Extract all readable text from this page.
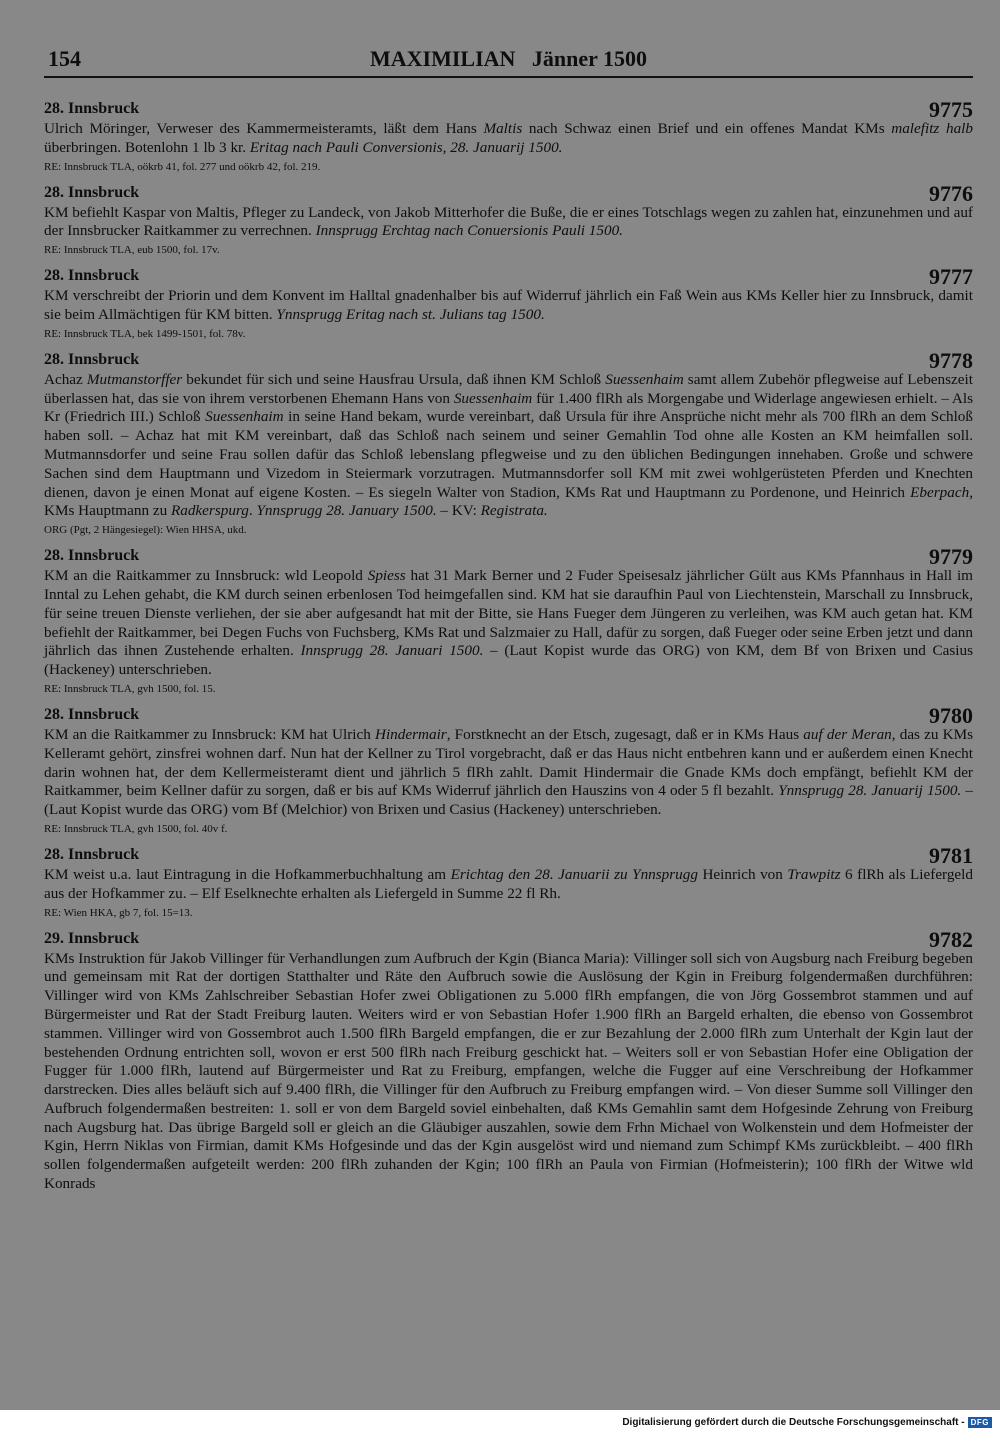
154	MAXIMILIAN   Jänner 1500
28. Innsbruck	9775

Ulrich Möringer, Verweser des Kammermeisteramts, läßt dem Hans Maltis nach Schwaz einen Brief und ein offenes Mandat KMs malefitz halb überbringen. Botenlohn 1 lb 3 kr. Eritag nach Pauli Conversionis, 28. Januarij 1500.

RE: Innsbruck TLA, oökrb 41, fol. 277 und oökrb 42, fol. 219.
28. Innsbruck	9776

KM befiehlt Kaspar von Maltis, Pfleger zu Landeck, von Jakob Mitterhofer die Buße, die er eines Totschlags wegen zu zahlen hat, einzunehmen und auf der Innsbrucker Raitkammer zu verrechnen. Innsprugg Erchtag nach Conuersionis Pauli 1500.

RE: Innsbruck TLA, eub 1500, fol. 17v.
28. Innsbruck	9777

KM verschreibt der Priorin und dem Konvent im Halltal gnadenhalber bis auf Widerruf jährlich ein Faß Wein aus KMs Keller hier zu Innsbruck, damit sie beim Allmächtigen für KM bitten. Ynnsprugg Eritag nach st. Julians tag 1500.

RE: Innsbruck TLA, bek 1499-1501, fol. 78v.
28. Innsbruck	9778

Achaz Mutmanstorffer bekundet für sich und seine Hausfrau Ursula, daß ihnen KM Schloß Suessenhaim samt allem Zubehör pflegweise auf Lebenszeit überlassen hat, das sie von ihrem verstorbenen Ehemann Hans von Suessenhaim für 1.400 flRh als Morgengabe und Widerlage angewiesen erhielt. – Als Kr (Friedrich III.) Schloß Suessenhaim in seine Hand bekam, wurde vereinbart, daß Ursula für ihre Ansprüche nicht mehr als 700 flRh an dem Schloß haben soll. – Achaz hat mit KM vereinbart, daß das Schloß nach seinem und seiner Gemahlin Tod ohne alle Kosten an KM heimfallen soll. Mutmannsdorfer und seine Frau sollen dafür das Schloß lebenslang pflegweise und zu den üblichen Bedingungen innehaben. Große und schwere Sachen sind dem Hauptmann und Vizedom in Steiermark vorzutragen. Mutmannsdorfer soll KM mit zwei wohlgerüsteten Pferden und Knechten dienen, davon je einen Monat auf eigene Kosten. – Es siegeln Walter von Stadion, KMs Rat und Hauptmann zu Pordenone, und Heinrich Eberpach, KMs Hauptmann zu Radkerspurg. Ynnsprugg 28. January 1500. – KV: Registrata.

ORG (Pgt, 2 Hängesiegel): Wien HHSA, ukd.
28. Innsbruck	9779

KM an die Raitkammer zu Innsbruck: wld Leopold Spiess hat 31 Mark Berner und 2 Fuder Speisesalz jährlicher Gült aus KMs Pfannhaus in Hall im Inntal zu Lehen gehabt, die KM durch seinen erbenlosen Tod heimgefallen sind. KM hat sie daraufhin Paul von Liechtenstein, Marschall zu Innsbruck, für seine treuen Dienste verliehen, der sie aber aufgesandt hat mit der Bitte, sie Hans Fueger dem Jüngeren zu verleihen, was KM auch getan hat. KM befiehlt der Raitkammer, bei Degen Fuchs von Fuchsberg, KMs Rat und Salzmaier zu Hall, dafür zu sorgen, daß Fueger oder seine Erben jetzt und dann jährlich das ihnen Zustehende erhalten. Innsprugg 28. Januari 1500. – (Laut Kopist wurde das ORG) von KM, dem Bf von Brixen und Casius (Hackeney) unterschrieben.

RE: Innsbruck TLA, gvh 1500, fol. 15.
28. Innsbruck	9780

KM an die Raitkammer zu Innsbruck: KM hat Ulrich Hindermair, Forstknecht an der Etsch, zugesagt, daß er in KMs Haus auf der Meran, das zu KMs Kelleramt gehört, zinsfrei wohnen darf. Nun hat der Kellner zu Tirol vorgebracht, daß er das Haus nicht entbehren kann und er außerdem einen Knecht darin wohnen hat, der dem Kellermeisteramt dient und jährlich 5 flRh zahlt. Damit Hindermair die Gnade KMs doch empfängt, befiehlt KM der Raitkammer, beim Kellner dafür zu sorgen, daß er bis auf KMs Widerruf jährlich den Hauszins von 4 oder 5 fl bezahlt. Ynnsprugg 28. Januarij 1500. – (Laut Kopist wurde das ORG) vom Bf (Melchior) von Brixen und Casius (Hackeney) unterschrieben.

RE: Innsbruck TLA, gvh 1500, fol. 40v f.
28. Innsbruck	9781

KM weist u.a. laut Eintragung in die Hofkammerbuchhaltung am Erichtag den 28. Januarii zu Ynnsprugg Heinrich von Trawpitz 6 flRh als Liefergeld aus der Hofkammer zu. – Elf Eselknechte erhalten als Liefergeld in Summe 22 fl Rh.

RE: Wien HKA, gb 7, fol. 15=13.
29. Innsbruck	9782

KMs Instruktion für Jakob Villinger für Verhandlungen zum Aufbruch der Kgin (Bianca Maria): Villinger soll sich von Augsburg nach Freiburg begeben und gemeinsam mit Rat der dortigen Statthalter und Räte den Aufbruch sowie die Auslösung der Kgin in Freiburg folgendermaßen durchführen: Villinger wird von KMs Zahlschreiber Sebastian Hofer zwei Obligationen zu 5.000 flRh empfangen, die von Jörg Gossembrot stammen und auf Bürgermeister und Rat der Stadt Freiburg lauten. Weiters wird er von Sebastian Hofer 1.900 flRh an Bargeld erhalten, die ebenso von Gossembrot stammen. Villinger wird von Gossembrot auch 1.500 flRh Bargeld empfangen, die er zur Bezahlung der 2.000 flRh zum Unterhalt der Kgin laut der bestehenden Ordnung entrichten soll, wovon er erst 500 flRh nach Freiburg geschickt hat. – Weiters soll er von Sebastian Hofer eine Obligation der Fugger für 1.000 flRh, lautend auf Bürgermeister und Rat zu Freiburg, empfangen, welche die Fugger auf eine Verschreibung der Hofkammer darstrecken. Dies alles beläuft sich auf 9.400 flRh, die Villinger für den Aufbruch zu Freiburg empfangen wird. – Von dieser Summe soll Villinger den Aufbruch folgendermaßen bestreiten: 1. soll er von dem Bargeld soviel einbehalten, daß KMs Gemahlin samt dem Hofgesinde Zehrung von Freiburg nach Augsburg hat. Das übrige Bargeld soll er gleich an die Gläubiger auszahlen, sowie dem Frhn Michael von Wolkenstein und dem Hofmeister der Kgin, Herrn Niklas von Firmian, damit KMs Hofgesinde und das der Kgin ausgelöst wird und niemand zum Schimpf KMs zurückbleibt. – 400 flRh sollen folgendermaßen aufgeteilt werden: 200 flRh zuhanden der Kgin; 100 flRh an Paula von Firmian (Hofmeisterin); 100 flRh der Witwe wld Konrads

Digitalisierung gefördert durch die Deutsche Forschungsgemeinschaft - DFG
